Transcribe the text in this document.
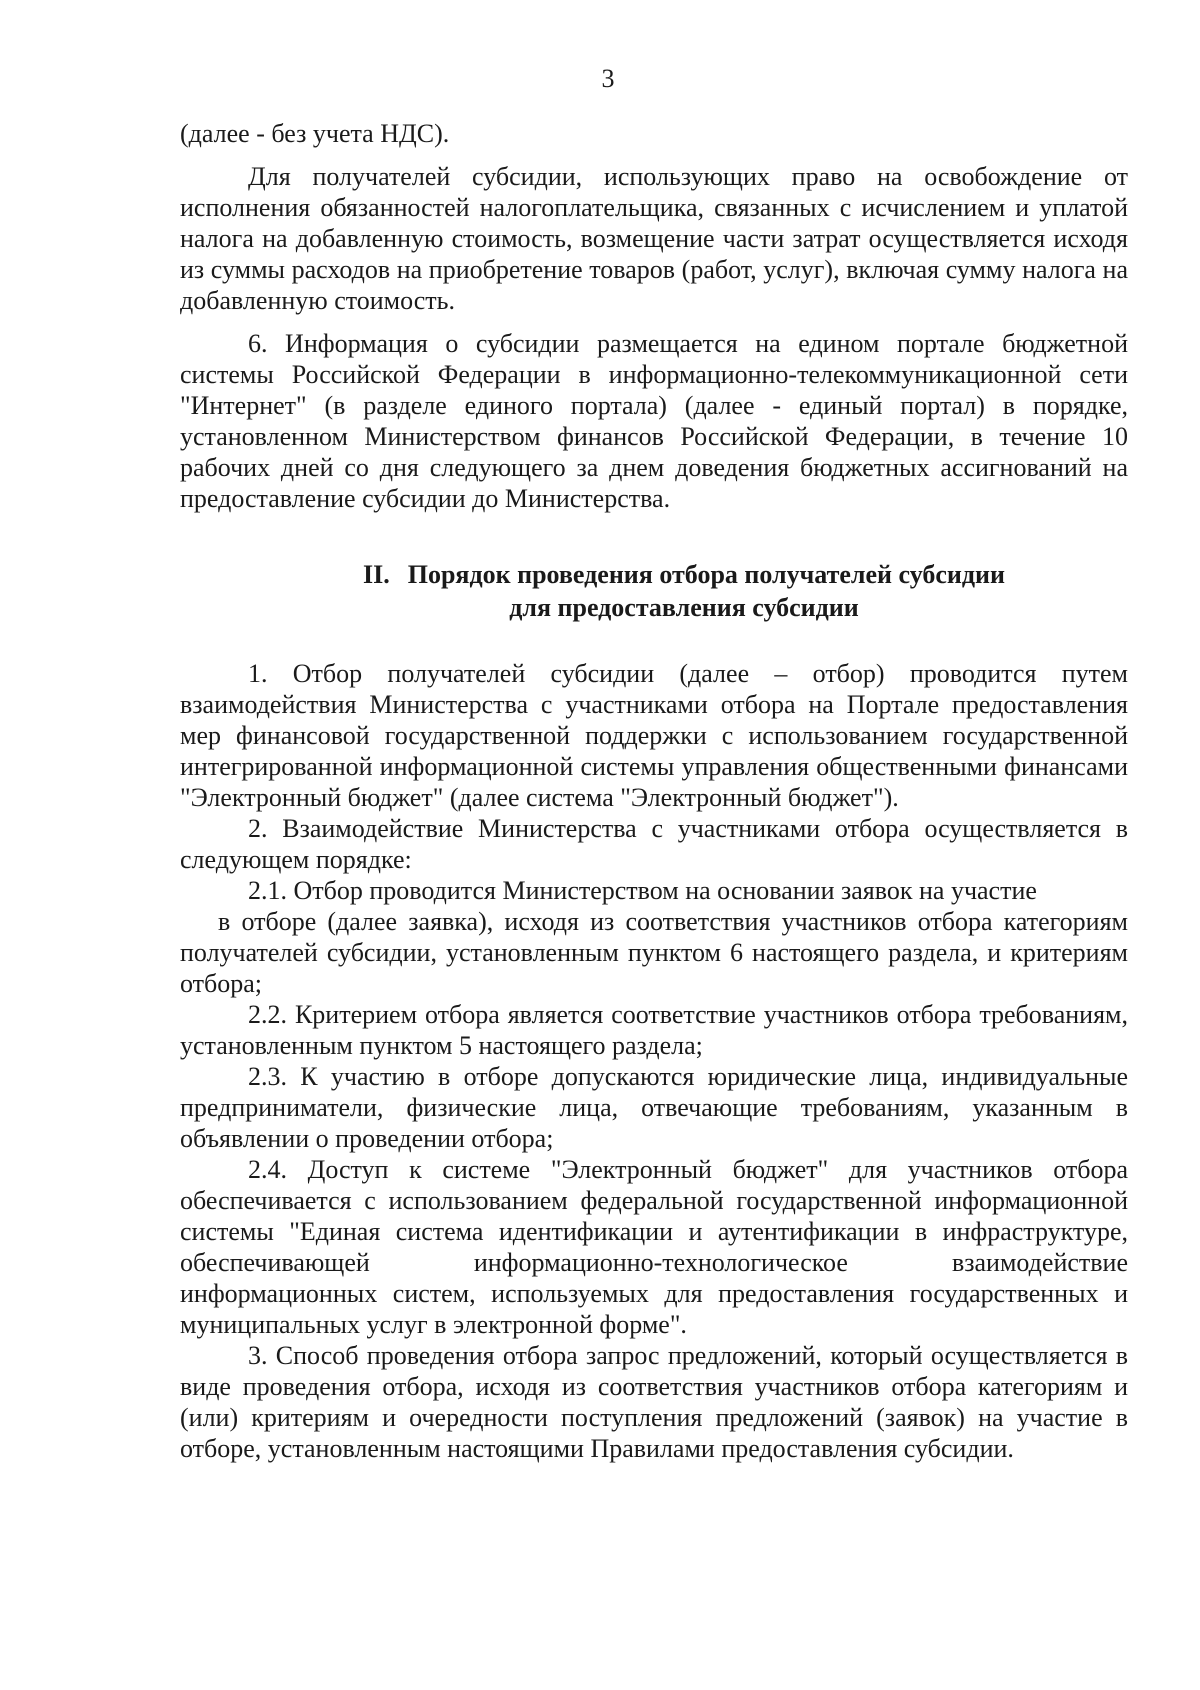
3

(далее - без учета НДС).

Для получателей субсидии, использующих право на освобождение от исполнения обязанностей налогоплательщика, связанных с исчислением и уплатой налога на добавленную стоимость, возмещение части затрат осуществляется исходя из суммы расходов на приобретение товаров (работ, услуг), включая сумму налога на добавленную стоимость.

6. Информация о субсидии размещается на едином портале бюджетной системы Российской Федерации в информационно-телекоммуникационной сети "Интернет" (в разделе единого портала) (далее - единый портал) в порядке, установленном Министерством финансов Российской Федерации, в течение 10 рабочих дней со дня следующего за днем доведения бюджетных ассигнований на предоставление субсидии до Министерства.

II. Порядок проведения отбора получателей субсидии
для предоставления субсидии

1. Отбор получателей субсидии (далее – отбор) проводится путем взаимодействия Министерства с участниками отбора на Портале предоставления мер финансовой государственной поддержки с использованием государственной интегрированной информационной системы управления общественными финансами "Электронный бюджет" (далее система "Электронный бюджет").

2. Взаимодействие Министерства с участниками отбора осуществляется в следующем порядке:

2.1. Отбор проводится Министерством на основании заявок на участие

в отборе (далее заявка), исходя из соответствия участников отбора категориям получателей субсидии, установленным пунктом 6 настоящего раздела, и критериям отбора;

2.2. Критерием отбора является соответствие участников отбора требованиям, установленным пунктом 5 настоящего раздела;

2.3. К участию в отборе допускаются юридические лица, индивидуальные предприниматели, физические лица, отвечающие требованиям, указанным в объявлении о проведении отбора;

2.4. Доступ к системе "Электронный бюджет" для участников отбора обеспечивается с использованием федеральной государственной информационной системы "Единая система идентификации и аутентификации в инфраструктуре, обеспечивающей информационно-технологическое взаимодействие информационных систем, используемых для предоставления государственных и муниципальных услуг в электронной форме".

3. Способ проведения отбора запрос предложений, который осуществляется в виде проведения отбора, исходя из соответствия участников отбора категориям и (или) критериям и очередности поступления предложений (заявок) на участие в отборе, установленным настоящими Правилами предоставления субсидии.
